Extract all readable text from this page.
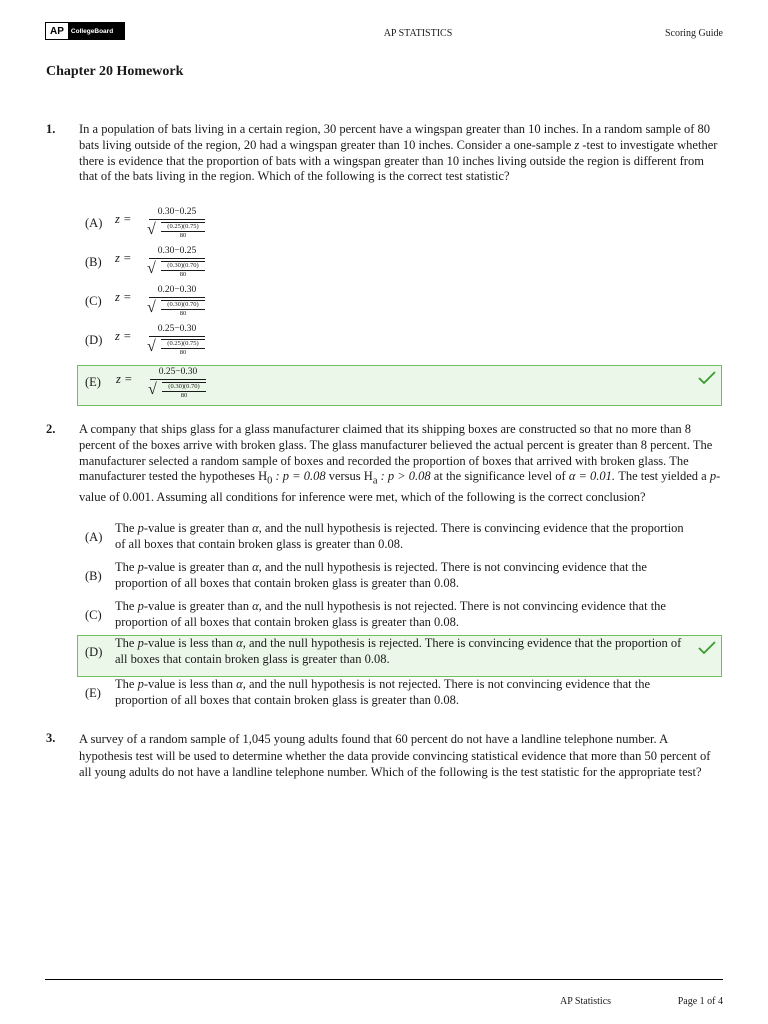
AP	CollegeBoard	AP STATISTICS	Scoring Guide
Chapter 20 Homework
1. In a population of bats living in a certain region, 30 percent have a wingspan greater than 10 inches. In a random sample of 80 bats living outside of the region, 20 had a wingspan greater than 10 inches. Consider a one-sample z -test to investigate whether there is evidence that the proportion of bats with a wingspan greater than 10 inches living outside the region is different from that of the bats living in the region. Which of the following is the correct test statistic?
(A) z =	0.30−0.25
√ $\frac{(0.25)(0.75)}{80}$
(B) z =	0.30−0.25
√ $\frac{(0.30)(0.70)}{80}$
(C) z =	0.20−0.30
√ $\frac{(0.30)(0.70)}{80}$
(D) z =	0.25−0.30
√ $\frac{(0.25)(0.75)}{80}$
(E) z =	0.25−0.30
√ $\frac{(0.30)(0.70)}{80}$
2. A company that ships glass for a glass manufacturer claimed that its shipping boxes are constructed so that no more than 8 percent of the boxes arrive with broken glass. The glass manufacturer believed the actual percent is greater than 8 percent. The manufacturer selected a random sample of boxes and recorded the proportion of boxes that arrived with broken glass. The manufacturer tested the hypotheses $H_0$ : p = 0.08 versus $H_a$ : p > 0.08 at the significance level of α = 0.01. The test yielded a p-value of 0.001. Assuming all conditions for inference were met, which of the following is the correct conclusion?
(A)
The p-value is greater than α, and the null hypothesis is rejected. There is convincing evidence that the proportion of all boxes that contain broken glass is greater than 0.08.
(B)
The p-value is greater than α, and the null hypothesis is rejected. There is not convincing evidence that the proportion of all boxes that contain broken glass is greater than 0.08.
(C)
The p-value is greater than α, and the null hypothesis is not rejected. There is not convincing evidence that the proportion of all boxes that contain broken glass is greater than 0.08.
(D)
The p-value is less than α, and the null hypothesis is rejected. There is convincing evidence that the proportion of all boxes that contain broken glass is greater than 0.08.
(E)
The p-value is less than α, and the null hypothesis is not rejected. There is not convincing evidence that the proportion of all boxes that contain broken glass is greater than 0.08.
3. A survey of a random sample of 1,045 young adults found that 60 percent do not have a landline telephone number. A hypothesis test will be used to determine whether the data provide convincing statistical evidence that more than 50 percent of all young adults do not have a landline telephone number. Which of the following is the test statistic for the appropriate test?
AP Statistics	Page 1 of 4
